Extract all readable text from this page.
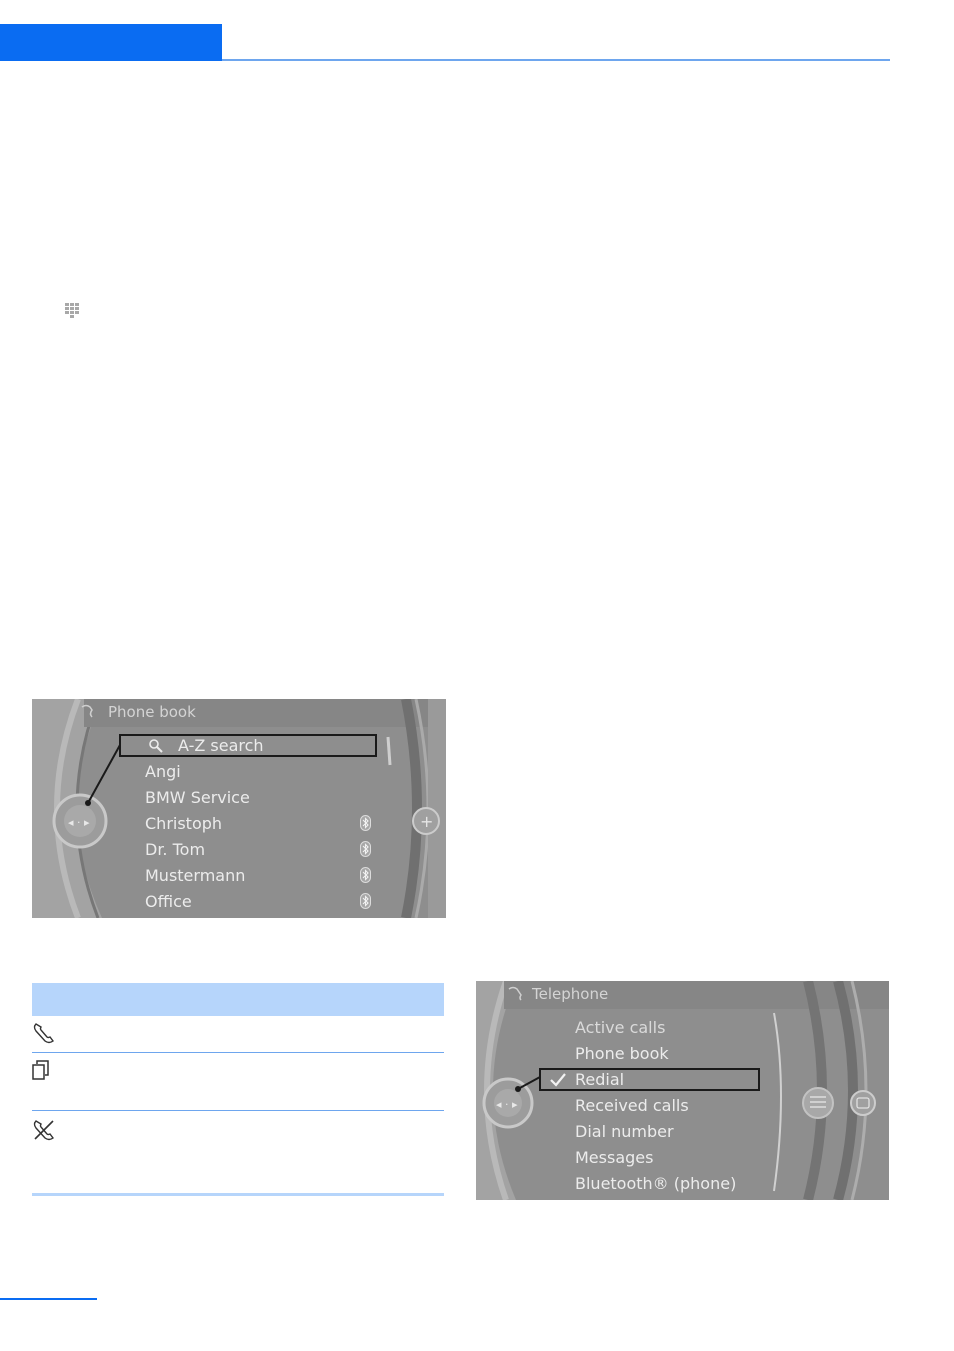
◂ · ▸	+
Phone book
A-Z search
Angi
BMW Service
Christoph
Dr. Tom
Mustermann
Office
◂ · ▸
Telephone
Active calls
Phone book
Redial
Received calls
Dial number
Messages
Bluetooth® (phone)
